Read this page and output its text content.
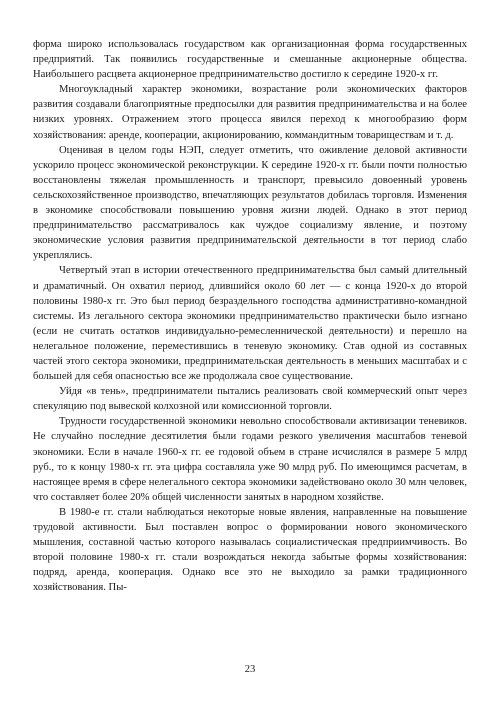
форма широко использовалась государством как организационная форма государственных предприятий. Так появились государственные и смешанные акционерные общества. Наибольшего расцвета акционерное предпринимательство достигло к середине 1920-х гг.

Многоукладный характер экономики, возрастание роли экономических факторов развития создавали благоприятные предпосылки для развития предпринимательства и на более низких уровнях. Отражением этого процесса явился переход к многообразию форм хозяйствования: аренде, кооперации, акционированию, коммандитным товариществам и т. д.

Оценивая в целом годы НЭП, следует отметить, что оживление деловой активности ускорило процесс экономической реконструкции. К середине 1920-х гг. были почти полностью восстановлены тяжелая промышленность и транспорт, превысило довоенный уровень сельскохозяйственное производство, впечатляющих результатов добилась торговля. Изменения в экономике способствовали повышению уровня жизни людей. Однако в этот период предпринимательство рассматривалось как чуждое социализму явление, и поэтому экономические условия развития предпринимательской деятельности в тот период слабо укреплялись.

Четвертый этап в истории отечественного предпринимательства был самый длительный и драматичный. Он охватил период, длившийся около 60 лет — с конца 1920-х до второй половины 1980-х гг. Это был период безраздельного господства административно-командной системы. Из легального сектора экономики предпринимательство практически было изгнано (если не считать остатков индивидуально-ремесленнической деятельности) и перешло на нелегальное положение, переместившись в теневую экономику. Став одной из составных частей этого сектора экономики, предпринимательская деятельность в меньших масштабах и с большей для себя опасностью все же продолжала свое существование.

Уйдя «в тень», предприниматели пытались реализовать свой коммерческий опыт через спекуляцию под вывеской колхозной или комиссионной торговли.

Трудности государственной экономики невольно способствовали активизации теневиков. Не случайно последние десятилетия были годами резкого увеличения масштабов теневой экономики. Если в начале 1960-х гг. ее годовой объем в стране исчислялся в размере 5 млрд руб., то к концу 1980-х гг. эта цифра составляла уже 90 млрд руб. По имеющимся расчетам, в настоящее время в сфере нелегального сектора экономики задействовано около 30 млн человек, что составляет более 20% общей численности занятых в народном хозяйстве.

В 1980-е гг. стали наблюдаться некоторые новые явления, направленные на повышение трудовой активности. Был поставлен вопрос о формировании нового экономического мышления, составной частью которого называлась социалистическая предприимчивость. Во второй половине 1980-х гг. стали возрождаться некогда забытые формы хозяйствования: подряд, аренда, кооперация. Однако все это не выходило за рамки традиционного хозяйствования. Пы-

23
